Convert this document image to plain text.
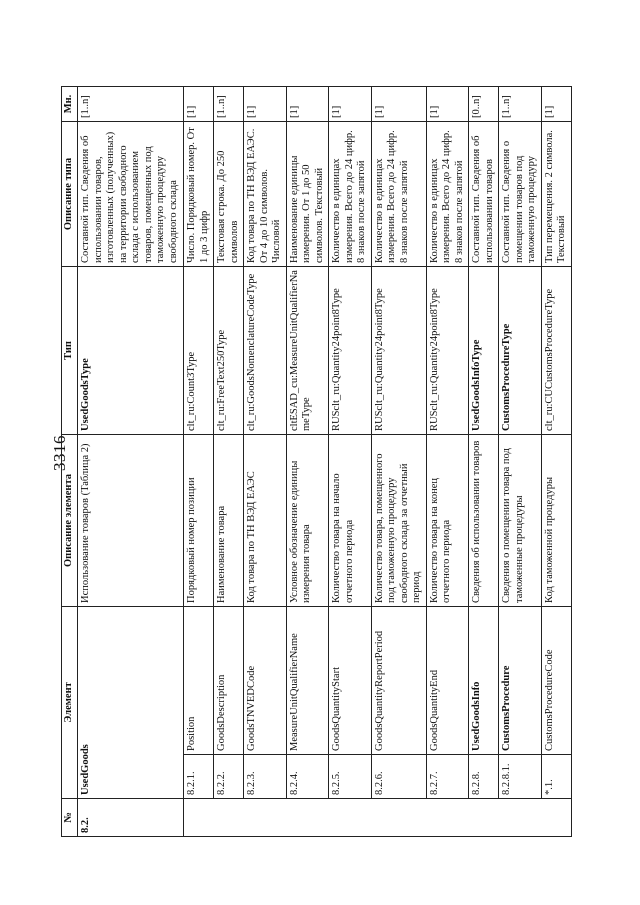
3316
№	Элемент		Описание элемента	Тип	Описание типа	Мн.
8.2.	UsedGoods		Использование товаров (Таблица 2)	UsedGoodsType	Составной тип. Сведения об использовании товаров, изготовленных (полученных) на территории свободного склада с использованием товаров, помещенных под таможенную процедуру свободного склада	[1..n]
	8.2.1.	Position	Порядковый номер позиции	clt_ru:Count3Type	Число. Порядковый номер. От 1 до 3 цифр	[1]
	8.2.2.	GoodsDescription	Наименование товара	clt_ru:FreeText250Type	Текстовая строка. До 250 символов	[1..n]
	8.2.3.	GoodsTNVEDCode	Код товара по ТН ВЭД ЕАЭС	clt_ru:GoodsNomenclatureCodeType	Код товара по ТН ВЭД ЕАЭС. От 4 до 10 символов. Числовой	[1]
	8.2.4.	MeasureUnitQualifierName	Условное обозначение единицы измерения товара	cltESAD_cu:MeasureUnitQualifierNameType	Наименование единицы измерения. От 1 до 50 символов. Текстовый	[1]
	8.2.5.	GoodsQuantityStart	Количество товара на начало отчетного периода	RUSclt_ru:Quantity24point8Type	Количество в единицах измерения. Всего до 24 цифр. 8 знаков после запятой	[1]
	8.2.6.	GoodsQuantityReportPeriod	Количество товара, помещенного под таможенную процедуру свободного склада за отчетный период	RUSclt_ru:Quantity24point8Type	Количество в единицах измерения. Всего до 24 цифр. 8 знаков после запятой	[1]
	8.2.7.	GoodsQuantityEnd	Количество товара на конец отчетного периода	RUSclt_ru:Quantity24point8Type	Количество в единицах измерения. Всего до 24 цифр. 8 знаков после запятой	[1]
	8.2.8.	UsedGoodsInfo	Сведения об использовании товаров	UsedGoodsInfoType	Составной тип. Сведения об использовании товаров	[0..n]
	8.2.8.1.	CustomsProcedure	Сведения о помещении товара под таможенные процедуры	CustomsProcedureType	Составной тип. Сведения о помещении товаров под таможенную процедуру	[1..n]
	*.1.	CustomsProcedureCode	Код таможенной процедуры	clt_ru:CUCustomsProcedureType	Тип перемещения. 2 символа. Текстовый	[1]
